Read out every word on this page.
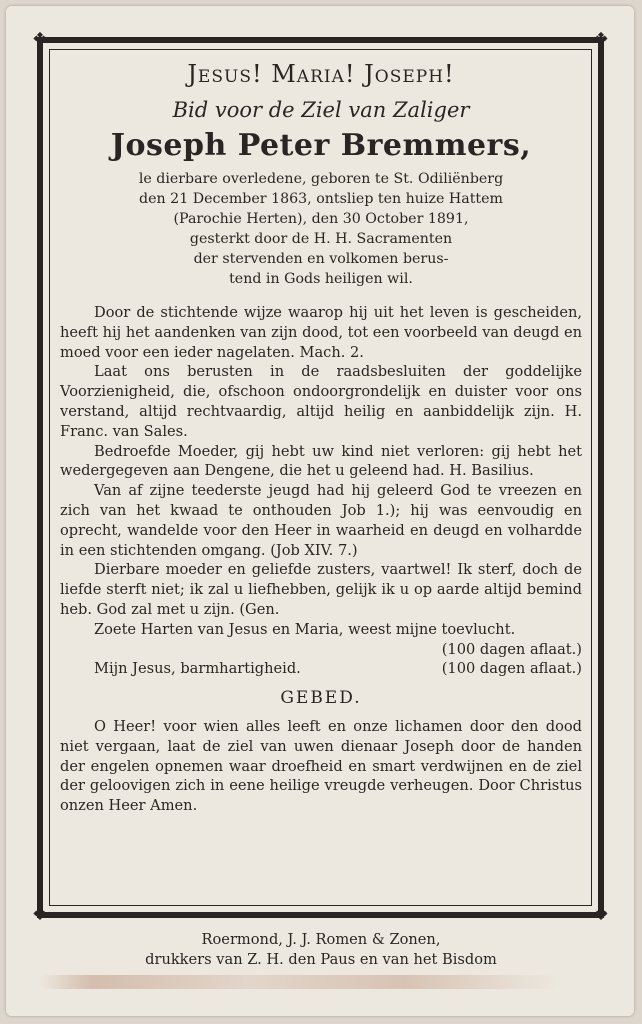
❖	❖
❖	❖
Jesus! Maria! Joseph!
Bid voor de Ziel van Zaliger
Joseph Peter Bremmers,
le dierbare overledene, geboren te St. Odiliënberg
den 21 December 1863, ontsliep ten huize Hattem
(Parochie Herten), den 30 October 1891,
gesterkt door de H. H. Sacramenten
der stervenden en volkomen berus-
tend in Gods heiligen wil.

Door de stichtende wijze waarop hij uit het leven is gescheiden, heeft hij het aandenken van zijn dood, tot een voorbeeld van deugd en moed voor een ieder nagelaten. Mach. 2.

Laat ons berusten in de raadsbesluiten der goddelijke Voorzienigheid, die, ofschoon ondoorgrondelijk en duister voor ons verstand, altijd rechtvaardig, altijd heilig en aanbiddelijk zijn. H. Franc. van Sales.

Bedroefde Moeder, gij hebt uw kind niet verloren: gij hebt het wedergegeven aan Dengene, die het u geleend had. H. Basilius.

Van af zijne teederste jeugd had hij geleerd God te vreezen en zich van het kwaad te onthouden Job 1.); hij was eenvoudig en oprecht, wandelde voor den Heer in waarheid en deugd en volhardde in een stichtenden omgang. (Job XIV. 7.)

Dierbare moeder en geliefde zusters, vaartwel! Ik sterf, doch de liefde sterft niet; ik zal u liefhebben, gelijk ik u op aarde altijd bemind heb. God zal met u zijn. (Gen.

Zoete Harten van Jesus en Maria, weest mijne toevlucht.

(100 dagen aflaat.)
Mijn Jesus, barmhartigheid.	(100 dagen aflaat.)
GEBED.

O Heer! voor wien alles leeft en onze lichamen door den dood niet vergaan, laat de ziel van uwen dienaar Joseph door de handen der engelen opnemen waar droefheid en smart verdwijnen en de ziel der geloovigen zich in eene heilige vreugde verheugen. Door Christus onzen Heer Amen.

Roermond, J. J. Romen & Zonen,
drukkers van Z. H. den Paus en van het Bisdom
